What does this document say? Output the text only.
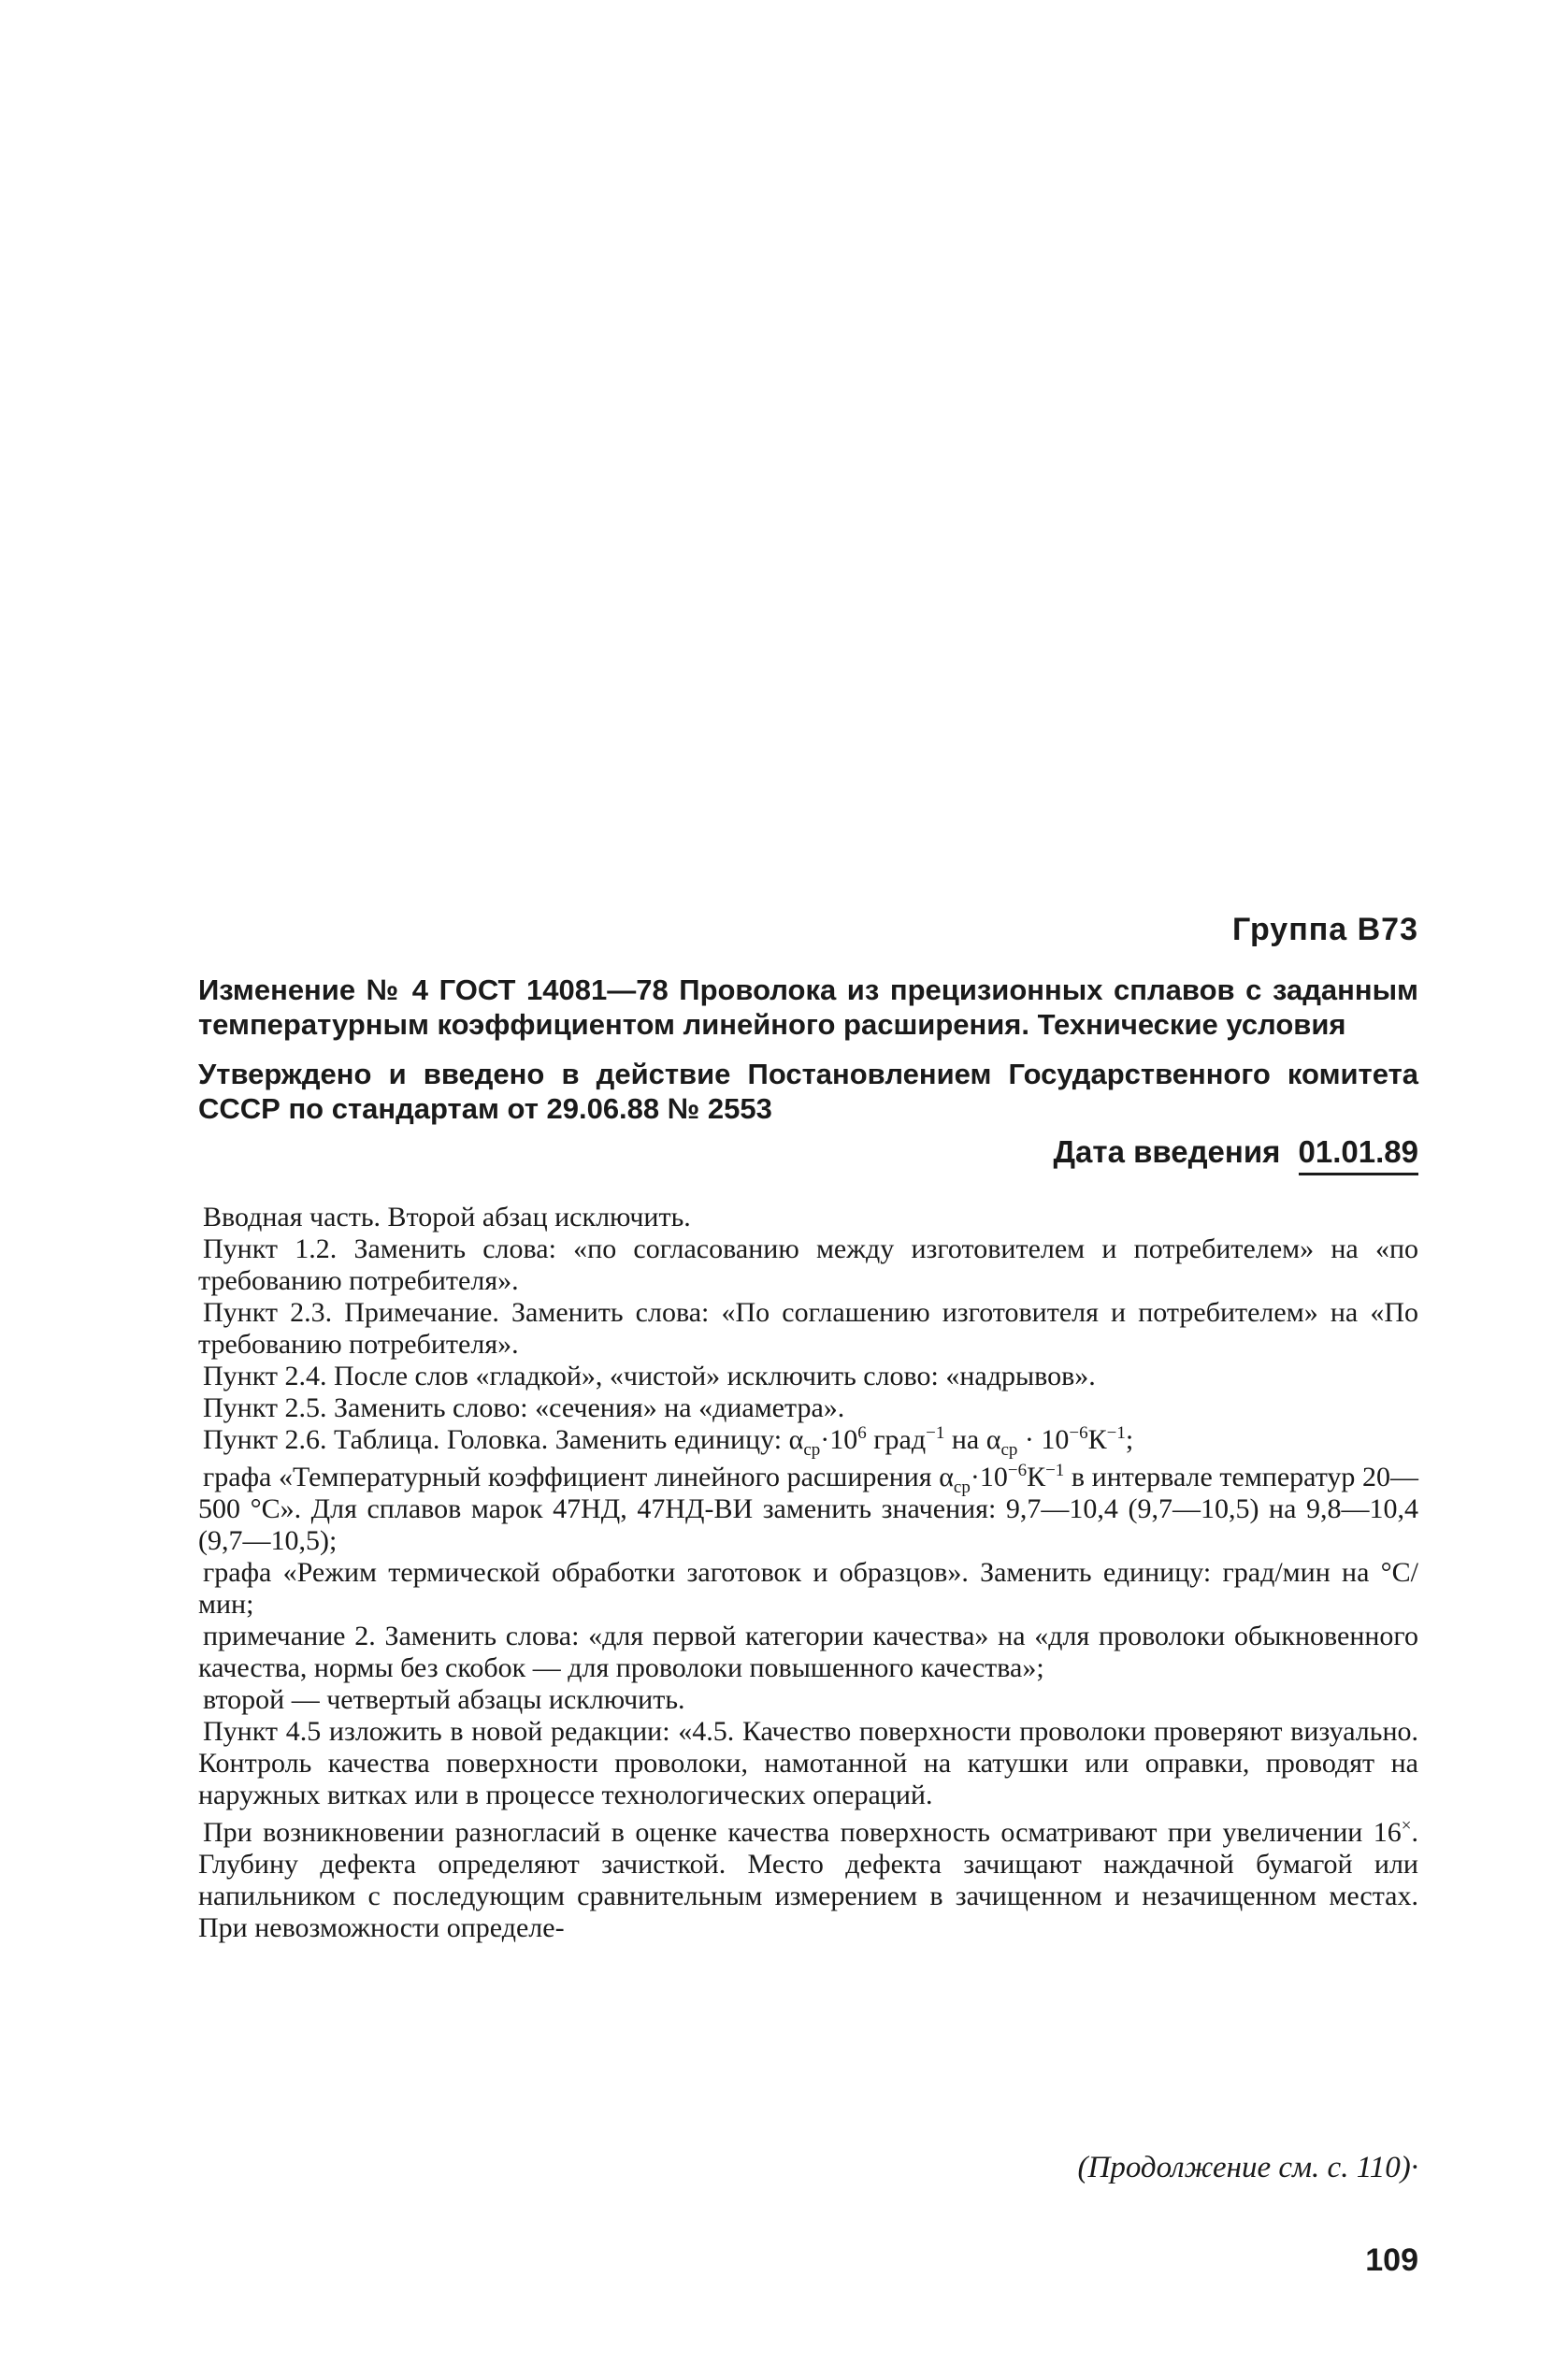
Группа В73
Изменение № 4 ГОСТ 14081—78 Проволока из прецизионных сплавов с заданным температурным коэффициентом линейного расширения. Технические условия
Утверждено и введено в действие Постановлением Государственного комитета СССР по стандартам от 29.06.88 № 2553
Дата введения 01.01.89

Вводная часть. Второй абзац исключить.

Пункт 1.2. Заменить слова: «по согласованию между изготовителем и потребителем» на «по требованию потребителя».

Пункт 2.3. Примечание. Заменить слова: «По соглашению изготовителя и потребителем» на «По требованию потребителя».

Пункт 2.4. После слов «гладкой», «чистой» исключить слово: «надрывов».

Пункт 2.5. Заменить слово: «сечения» на «диаметра».

Пункт 2.6. Таблица. Головка. Заменить единицу: $\alpha_{ср}\cdot 10^6$ град$^{-1}$ на $\alpha_{ср} \cdot 10^{-6}К^{-1}$;

графа «Температурный коэффициент линейного расширения $\alpha_{ср}\cdot 10^{-6}К^{-1}$ в интервале температур 20—500 °С». Для сплавов марок 47НД, 47НД-ВИ заменить значения: 9,7—10,4 (9,7—10,5) на 9,8—10,4 (9,7—10,5);

графа «Режим термической обработки заготовок и образцов». Заменить единицу: град/мин на °С/мин;

примечание 2. Заменить слова: «для первой категории качества» на «для проволоки обыкновенного качества, нормы без скобок — для проволоки повышенного качества»;

второй — четвертый абзацы исключить.

Пункт 4.5 изложить в новой редакции: «4.5. Качество поверхности проволоки проверяют визуально. Контроль качества поверхности проволоки, намотанной на катушки или оправки, проводят на наружных витках или в процессе технологических операций.

При возникновении разногласий в оценке качества поверхность осматривают при увеличении 16×. Глубину дефекта определяют зачисткой. Место дефекта зачищают наждачной бумагой или напильником с последующим сравнительным измерением в зачищенном и незачищенном местах. При невозможности определе-

(Продолжение см. с. 110)·
109
